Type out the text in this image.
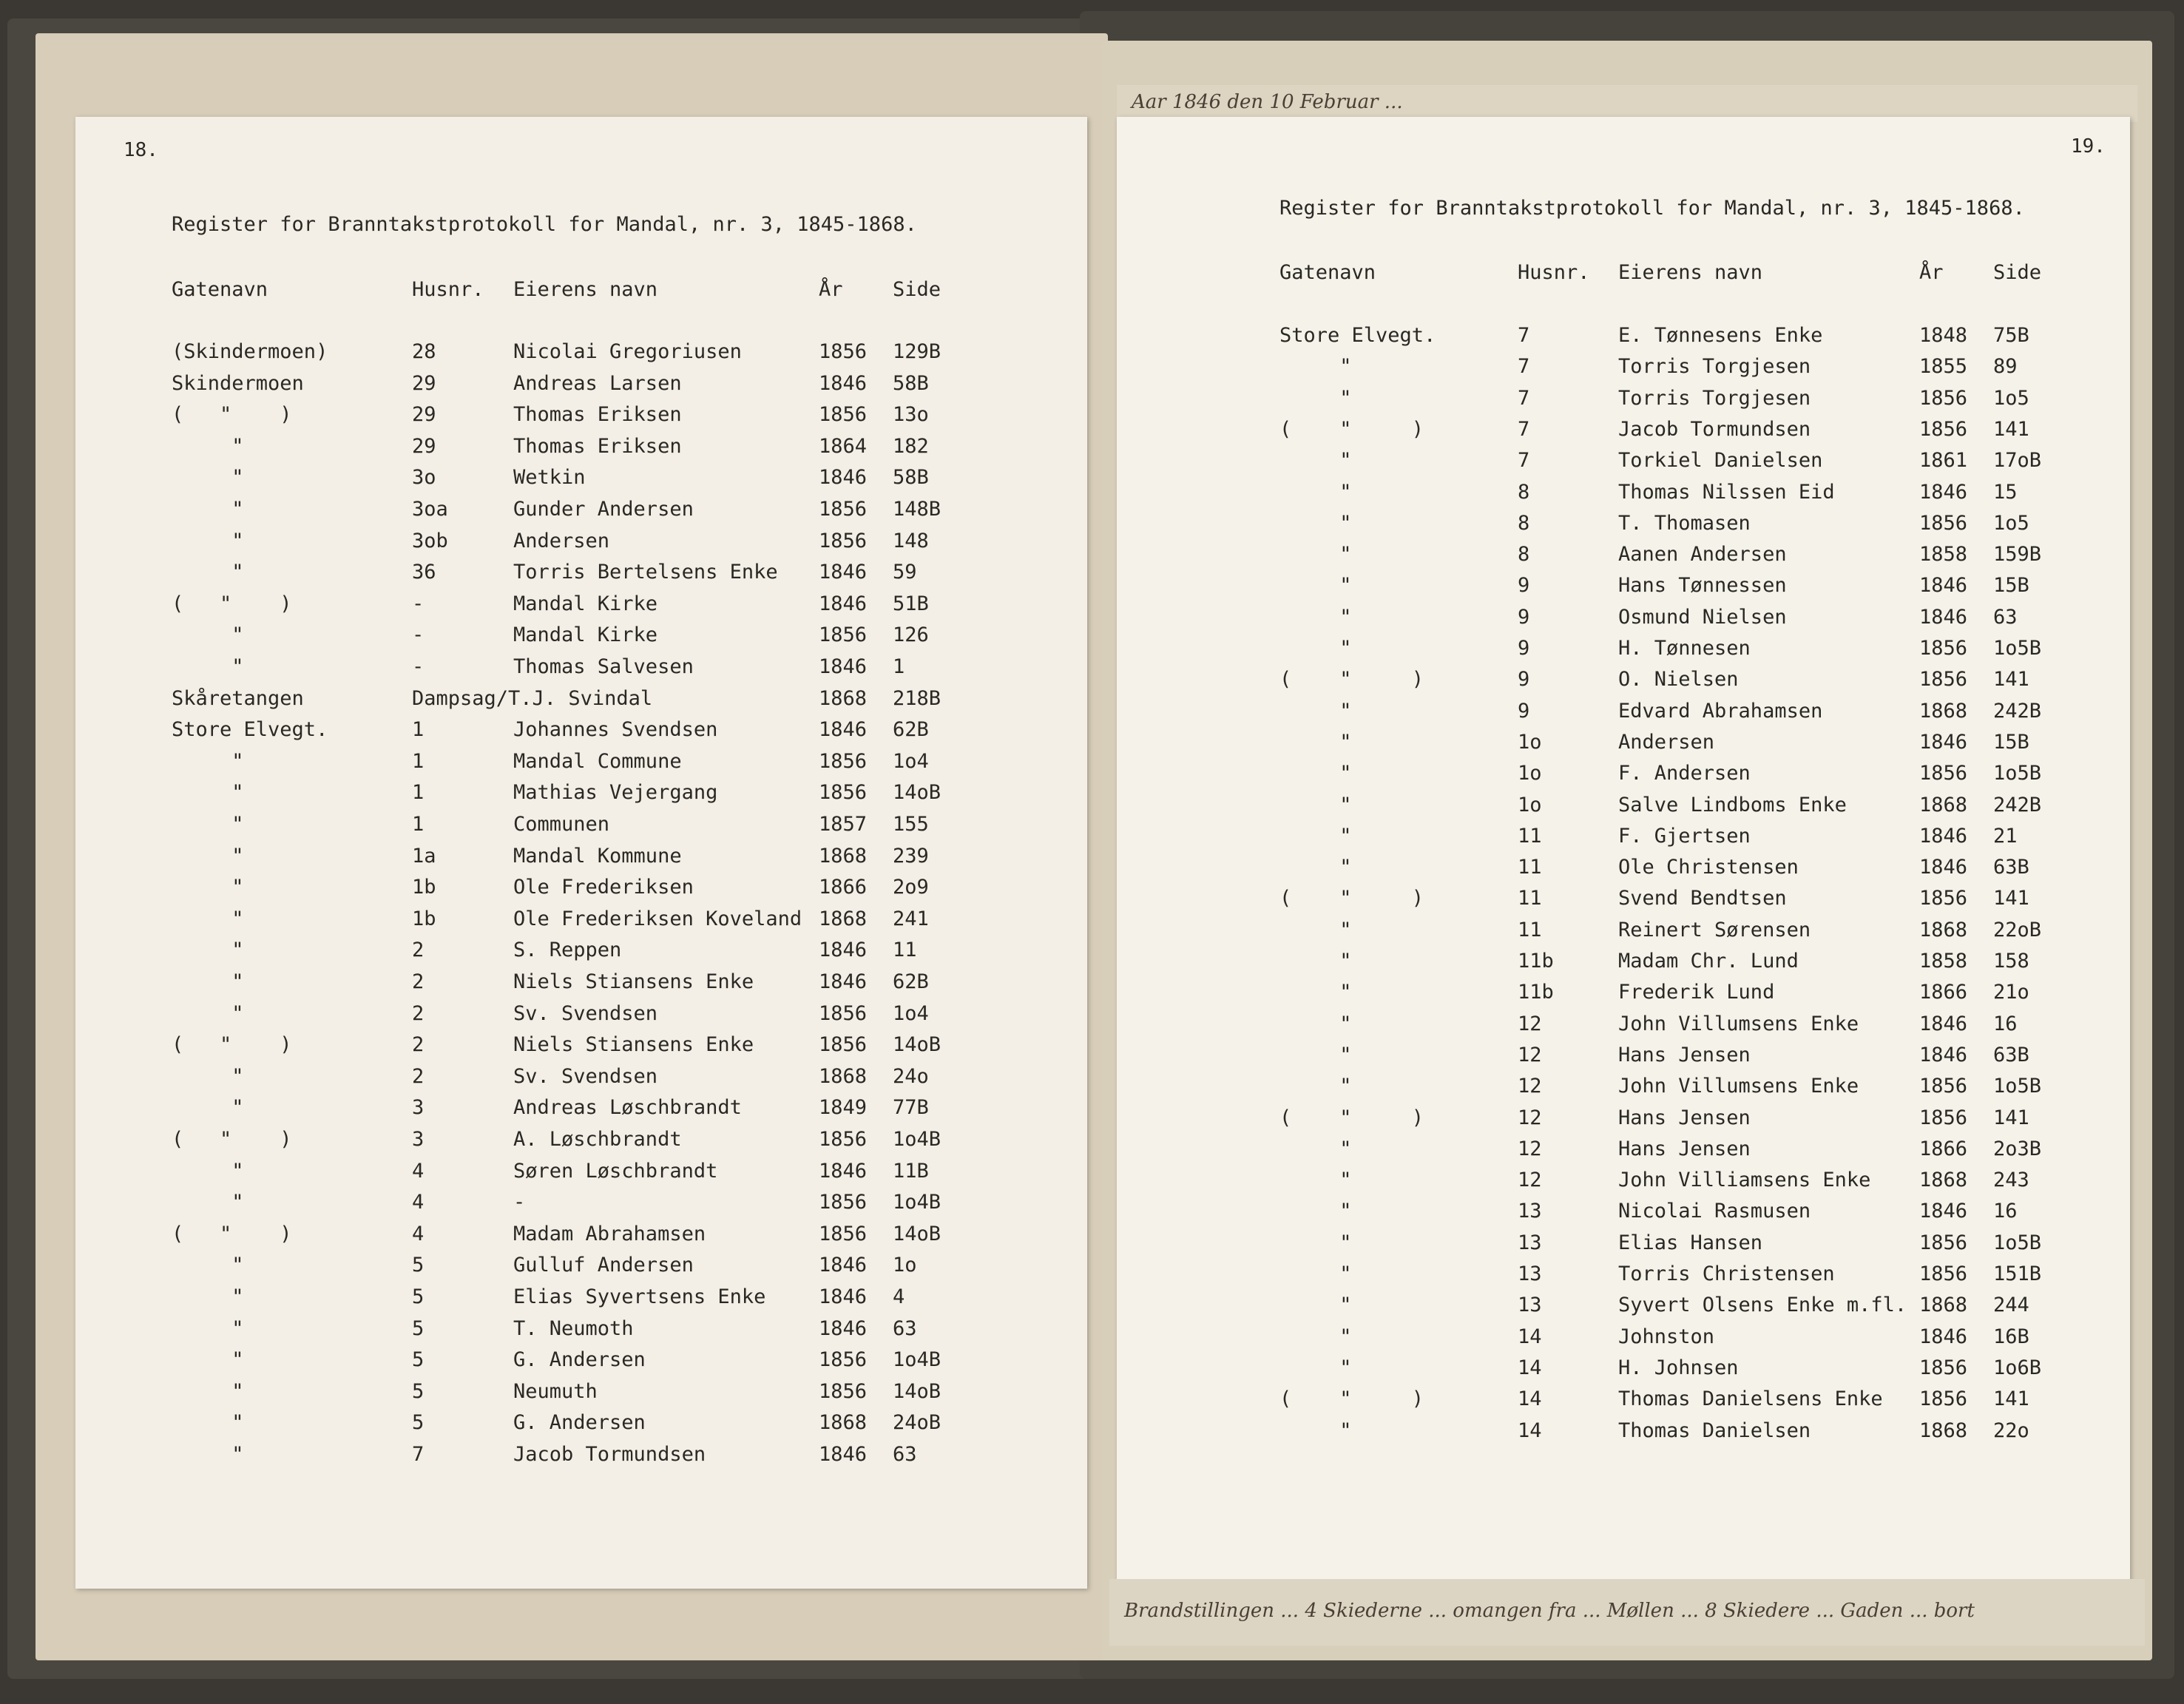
Aar 1846 den 10 Februar ...
18.
Register for Branntakstprotokoll for Mandal, nr. 3, 1845-1868.
Gatenavn	Husnr. Eierens navn	År Side
(Skindermoen)	28	Nicolai Gregoriusen	1856 129B
Skindermoen	29	Andreas Larsen	1846 58B
(   "    )	29	Thomas Eriksen	1856 13o
"	29	Thomas Eriksen	1864 182
"	3o	Wetkin	1846 58B
"	3oa	Gunder Andersen	1856 148B
"	3ob	Andersen	1856 148
"	36	Torris Bertelsens Enke 1846 59
(   "    )	-	Mandal Kirke	1846 51B
"	-	Mandal Kirke	1856 126
"	-	Thomas Salvesen	1846 1
Skåretangen	Dampsag/T.J. Svindal	1868 218B
Store Elvegt.	1	Johannes Svendsen	1846 62B
"	1	Mandal Commune	1856 1o4
"	1	Mathias Vejergang	1856 14oB
"	1	Communen	1857 155
"	1a	Mandal Kommune	1868 239
"	1b	Ole Frederiksen	1866 2o9
"	1b	Ole Frederiksen Koveland 1868 241
"	2	S. Reppen	1846 11
"	2	Niels Stiansens Enke	1846 62B
"	2	Sv. Svendsen	1856 1o4
(   "    )	2	Niels Stiansens Enke	1856 14oB
"	2	Sv. Svendsen	1868 24o
"	3	Andreas Løschbrandt	1849 77B
(   "    )	3	A. Løschbrandt	1856 1o4B
"	4	Søren Løschbrandt	1846 11B
"	4	-	1856 1o4B
(   "    )	4	Madam Abrahamsen	1856 14oB
"	5	Gulluf Andersen	1846 1o
"	5	Elias Syvertsens Enke	1846 4
"	5	T. Neumoth	1846 63
"	5	G. Andersen	1856 1o4B
"	5	Neumuth	1856 14oB
"	5	G. Andersen	1868 24oB
"	7	Jacob Tormundsen	1846 63
19.
Register for Branntakstprotokoll for Mandal, nr. 3, 1845-1868.
Gatenavn	Husnr. Eierens navn	År Side
Store Elvegt.	7	E. Tønnesens Enke	1848 75B
"	7	Torris Torgjesen	1855 89
"	7	Torris Torgjesen	1856 1o5
(    "     )	7	Jacob Tormundsen	1856 141
"	7	Torkiel Danielsen	1861 17oB
"	8	Thomas Nilssen Eid	1846 15
"	8	T. Thomasen	1856 1o5
"	8	Aanen Andersen	1858 159B
"	9	Hans Tønnessen	1846 15B
"	9	Osmund Nielsen	1846 63
"	9	H. Tønnesen	1856 1o5B
(    "     )	9	O. Nielsen	1856 141
"	9	Edvard Abrahamsen	1868 242B
"	1o	Andersen	1846 15B
"	1o	F. Andersen	1856 1o5B
"	1o	Salve Lindboms Enke	1868 242B
"	11	F. Gjertsen	1846 21
"	11	Ole Christensen	1846 63B
(    "     )	11	Svend Bendtsen	1856 141
"	11	Reinert Sørensen	1868 22oB
"	11b	Madam Chr. Lund	1858 158
"	11b	Frederik Lund	1866 21o
"	12	John Villumsens Enke	1846 16
"	12	Hans Jensen	1846 63B
"	12	John Villumsens Enke	1856 1o5B
(    "     )	12	Hans Jensen	1856 141
"	12	Hans Jensen	1866 2o3B
"	12	John Villiamsens Enke 1868 243
"	13	Nicolai Rasmusen	1846 16
"	13	Elias Hansen	1856 1o5B
"	13	Torris Christensen	1856 151B
"	13	Syvert Olsens Enke m.fl. 1868 244
"	14	Johnston	1846 16B
"	14	H. Johnsen	1856 1o6B
(    "     )	14	Thomas Danielsens Enke 1856 141
"	14	Thomas Danielsen	1868 22o
Brandstillingen ... 4 Skiederne ... omangen fra ... Møllen ... 8 Skiedere ... Gaden ... bort
